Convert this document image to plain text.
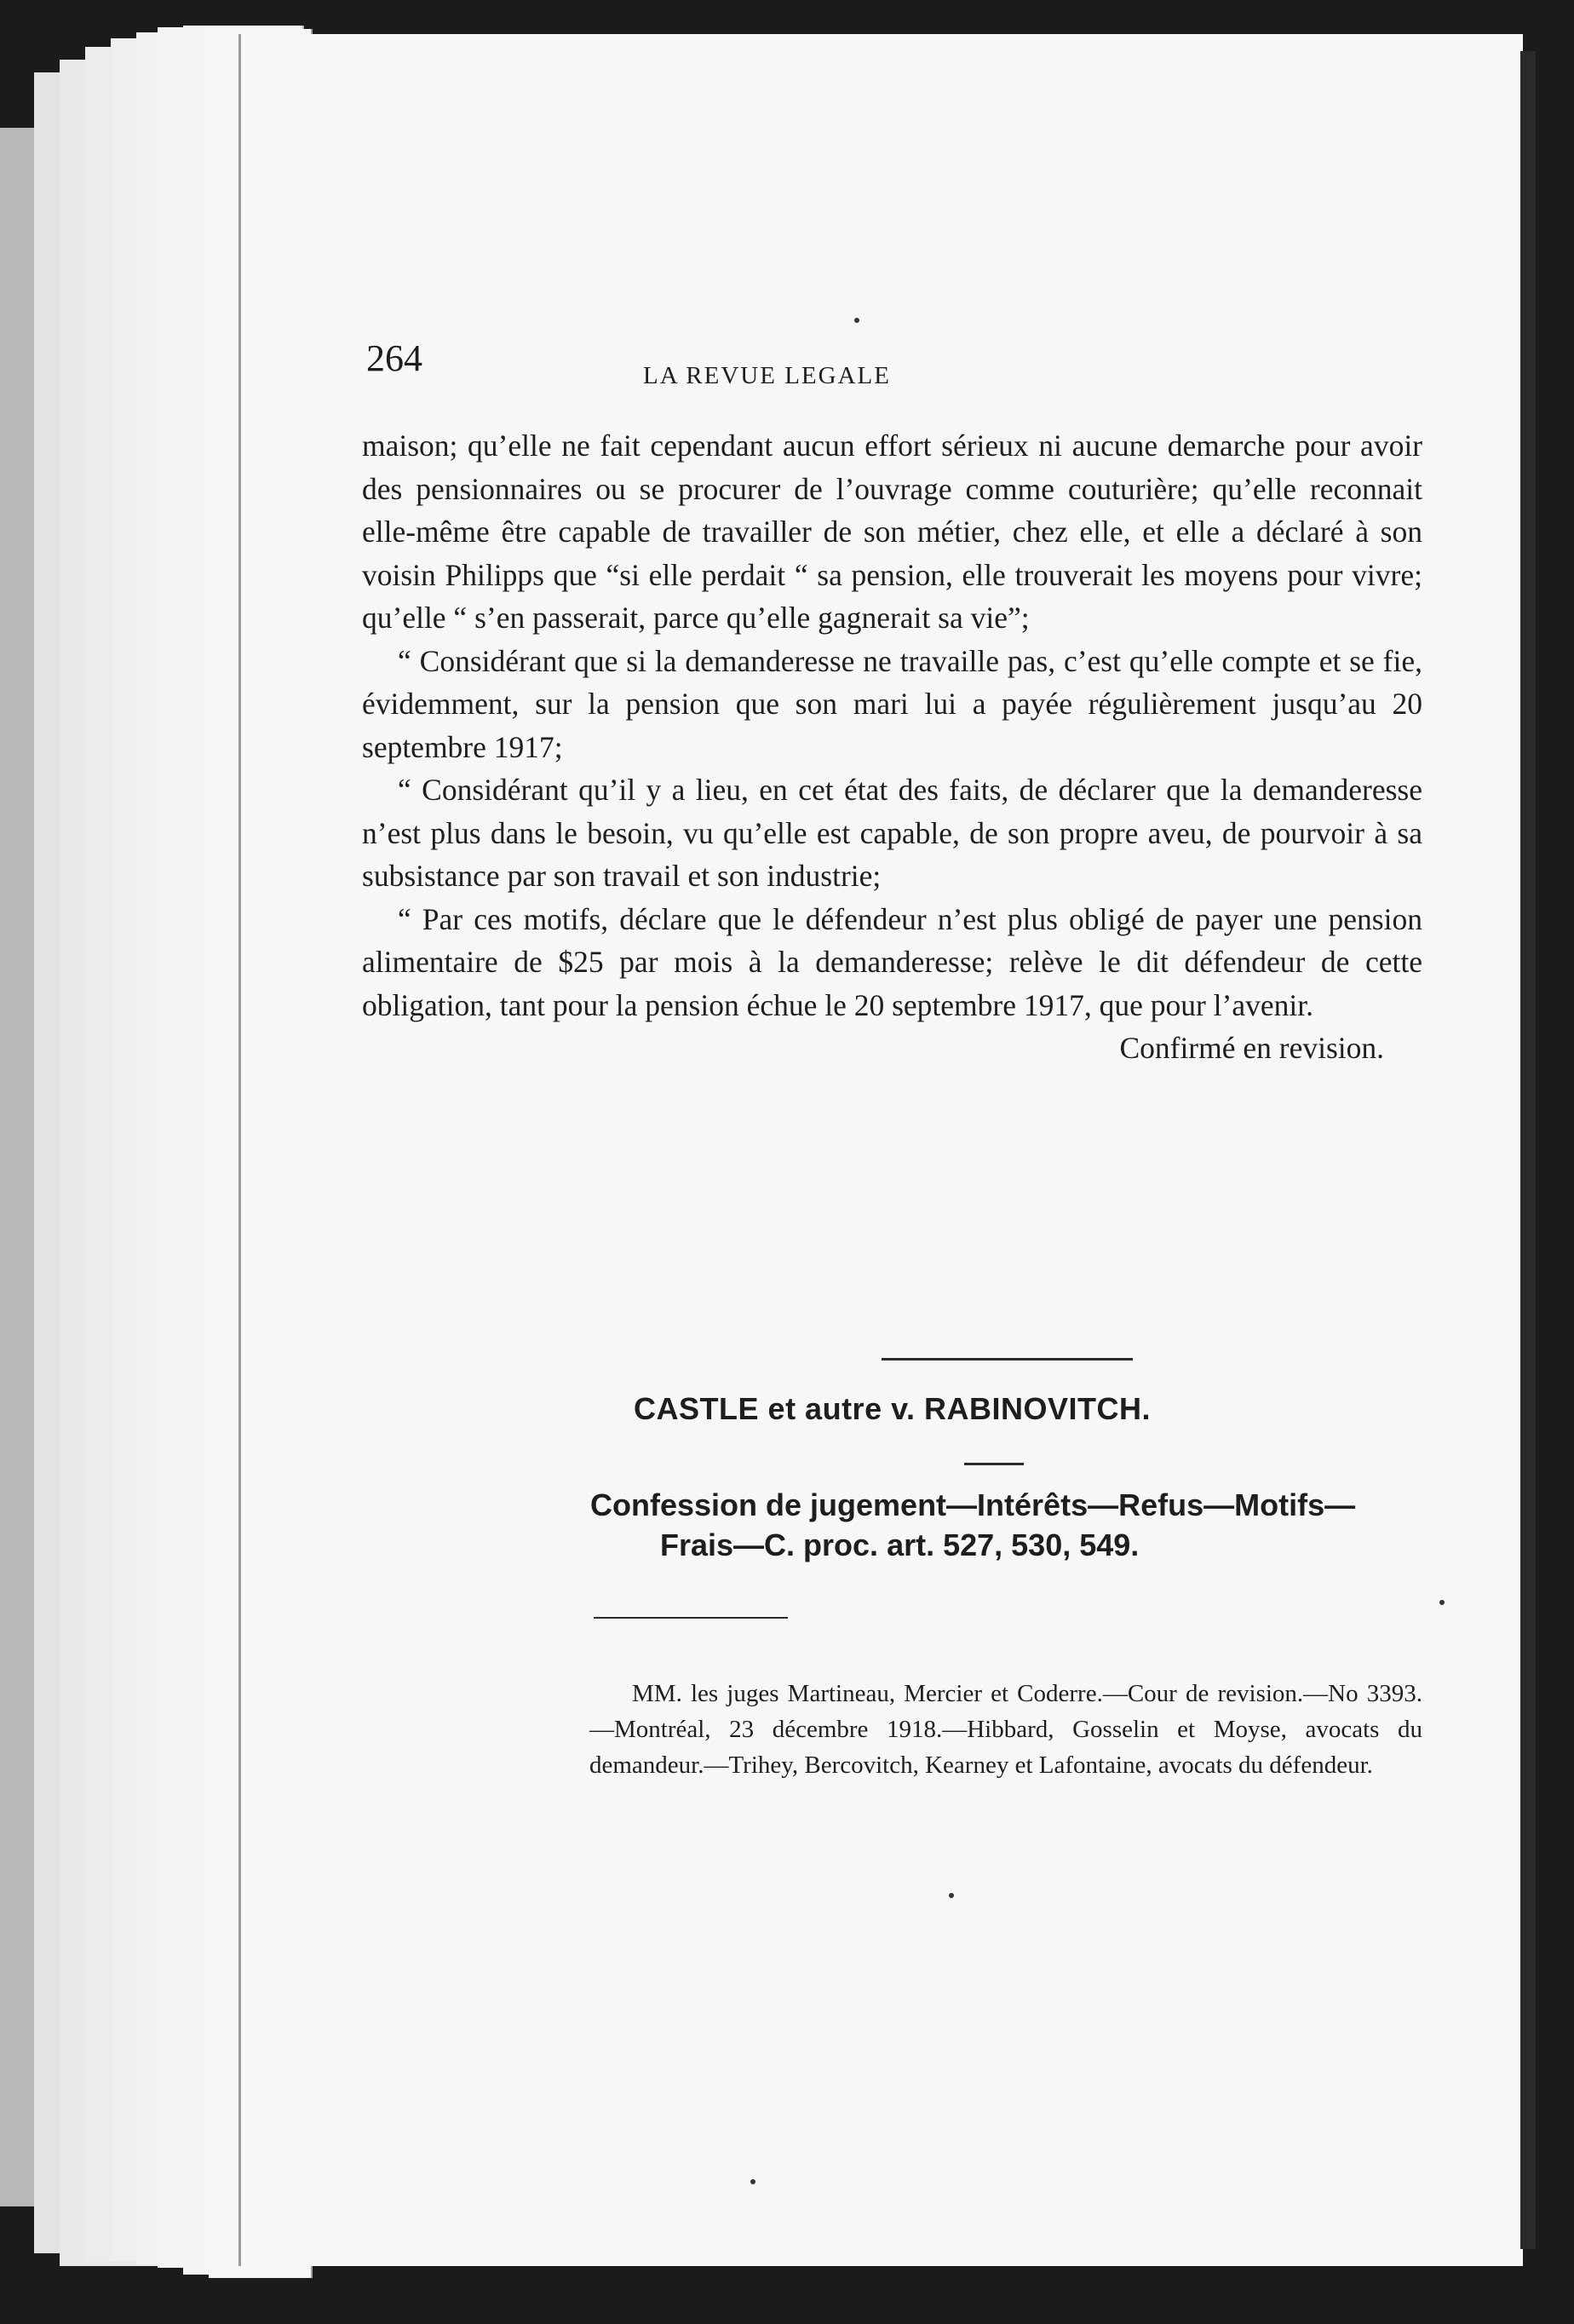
264	LA REVUE LEGALE

maison; qu’elle ne fait cependant aucun effort sérieux ni aucune demarche pour avoir des pensionnaires ou se procurer de l’ouvrage comme couturière; qu’elle reconnait elle-même être capable de travailler de son métier, chez elle, et elle a déclaré à son voisin Philipps que “si elle perdait “ sa pension, elle trouverait les moyens pour vivre; qu’elle “ s’en passerait, parce qu’elle gagnerait sa vie”;

“ Considérant que si la demanderesse ne travaille pas, c’est qu’elle compte et se fie, évidemment, sur la pension que son mari lui a payée régulièrement jusqu’au 20 septembre 1917;

“ Considérant qu’il y a lieu, en cet état des faits, de déclarer que la demanderesse n’est plus dans le besoin, vu qu’elle est capable, de son propre aveu, de pourvoir à sa subsistance par son travail et son industrie;

“ Par ces motifs, déclare que le défendeur n’est plus obligé de payer une pension alimentaire de $25 par mois à la demanderesse; relève le dit défendeur de cette obligation, tant pour la pension échue le 20 septembre 1917, que pour l’avenir.

Confirmé en revision.

CASTLE et autre v. RABINOVITCH.
Confession de jugement—Intérêts—Refus—Motifs—
Frais—C. proc. art. 527, 530, 549.
MM. les juges Martineau, Mercier et Coderre.—Cour de revision.—No 3393.—Montréal, 23 décembre 1918.—Hibbard, Gosselin et Moyse, avocats du demandeur.—Trihey, Bercovitch, Kearney et Lafontaine, avocats du défendeur.
